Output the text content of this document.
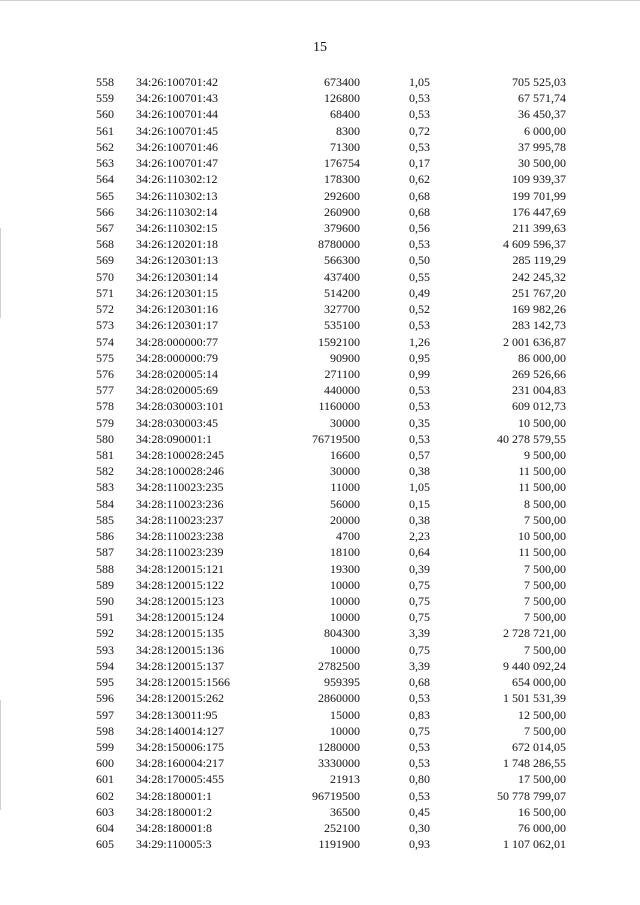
15
558 34:26:100701:42	673400	1,05	705 525,03
559 34:26:100701:43	126800	0,53	67 571,74
560 34:26:100701:44	68400	0,53	36 450,37
561 34:26:100701:45	8300	0,72	6 000,00
562 34:26:100701:46	71300	0,53	37 995,78
563 34:26:100701:47	176754	0,17	30 500,00
564 34:26:110302:12	178300	0,62	109 939,37
565 34:26:110302:13	292600	0,68	199 701,99
566 34:26:110302:14	260900	0,68	176 447,69
567 34:26:110302:15	379600	0,56	211 399,63
568 34:26:120201:18	8780000	0,53	4 609 596,37
569 34:26:120301:13	566300	0,50	285 119,29
570 34:26:120301:14	437400	0,55	242 245,32
571 34:26:120301:15	514200	0,49	251 767,20
572 34:26:120301:16	327700	0,52	169 982,26
573 34:26:120301:17	535100	0,53	283 142,73
574 34:28:000000:77	1592100	1,26	2 001 636,87
575 34:28:000000:79	90900	0,95	86 000,00
576 34:28:020005:14	271100	0,99	269 526,66
577 34:28:020005:69	440000	0,53	231 004,83
578 34:28:030003:101	1160000	0,53	609 012,73
579 34:28:030003:45	30000	0,35	10 500,00
580 34:28:090001:1	76719500	0,53	40 278 579,55
581 34:28:100028:245	16600	0,57	9 500,00
582 34:28:100028:246	30000	0,38	11 500,00
583 34:28:110023:235	11000	1,05	11 500,00
584 34:28:110023:236	56000	0,15	8 500,00
585 34:28:110023:237	20000	0,38	7 500,00
586 34:28:110023:238	4700	2,23	10 500,00
587 34:28:110023:239	18100	0,64	11 500,00
588 34:28:120015:121	19300	0,39	7 500,00
589 34:28:120015:122	10000	0,75	7 500,00
590 34:28:120015:123	10000	0,75	7 500,00
591 34:28:120015:124	10000	0,75	7 500,00
592 34:28:120015:135	804300	3,39	2 728 721,00
593 34:28:120015:136	10000	0,75	7 500,00
594 34:28:120015:137	2782500	3,39	9 440 092,24
595 34:28:120015:1566	959395	0,68	654 000,00
596 34:28:120015:262	2860000	0,53	1 501 531,39
597 34:28:130011:95	15000	0,83	12 500,00
598 34:28:140014:127	10000	0,75	7 500,00
599 34:28:150006:175	1280000	0,53	672 014,05
600 34:28:160004:217	3330000	0,53	1 748 286,55
601 34:28:170005:455	21913	0,80	17 500,00
602 34:28:180001:1	96719500	0,53	50 778 799,07
603 34:28:180001:2	36500	0,45	16 500,00
604 34:28:180001:8	252100	0,30	76 000,00
605 34:29:110005:3	1191900	0,93	1 107 062,01
